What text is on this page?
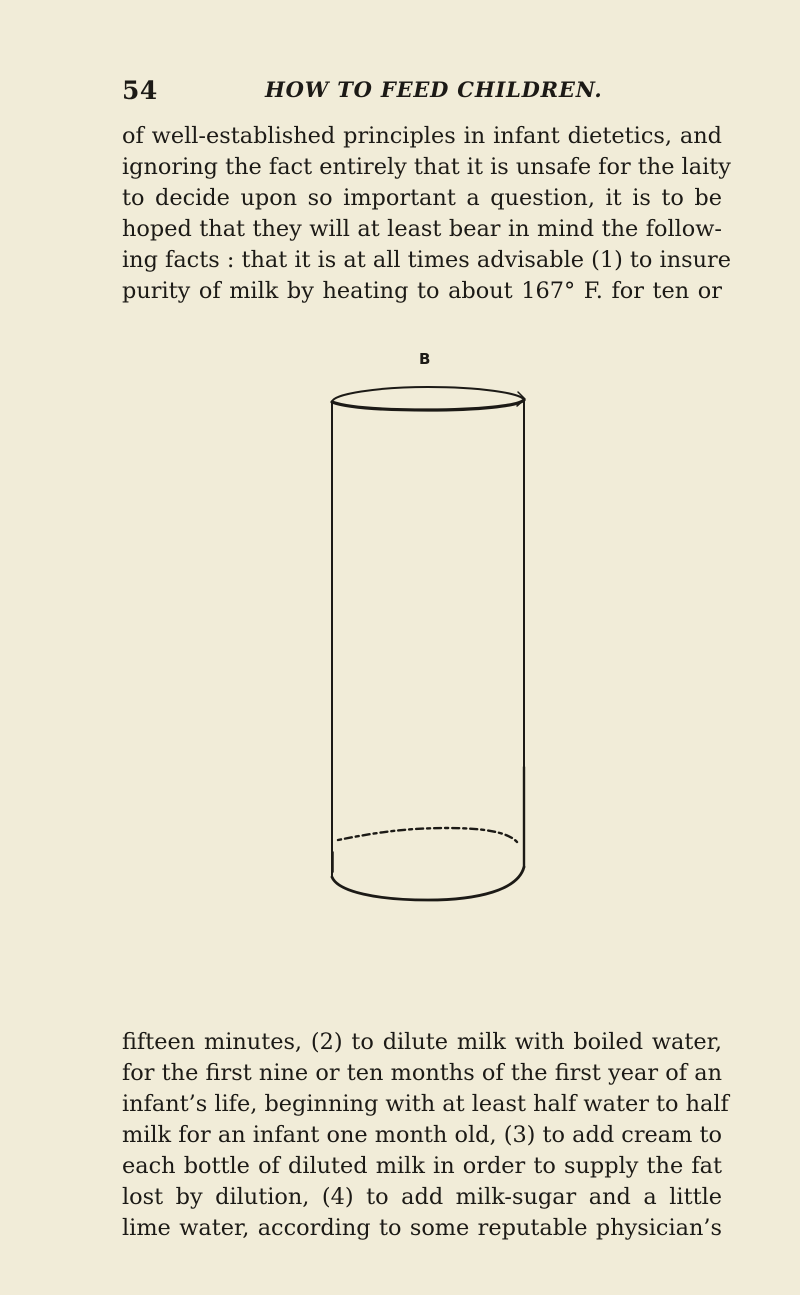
54	HOW TO FEED CHILDREN.
of well-established principles in infant dietetics, and
ignoring the fact entirely that it is unsafe for the laity
to decide upon so important a question, it is to be
hoped that they will at least bear in mind the follow-
ing facts : that it is at all times advisable (1) to insure
purity of milk by heating to about 167° F. for ten or
B
fifteen minutes, (2) to dilute milk with boiled water,
for the first nine or ten months of the first year of an
infant’s life, beginning with at least half water to half
milk for an infant one month old, (3) to add cream to
each bottle of diluted milk in order to supply the fat
lost by dilution, (4) to add milk-sugar and a little
lime water, according to some reputable physician’s
